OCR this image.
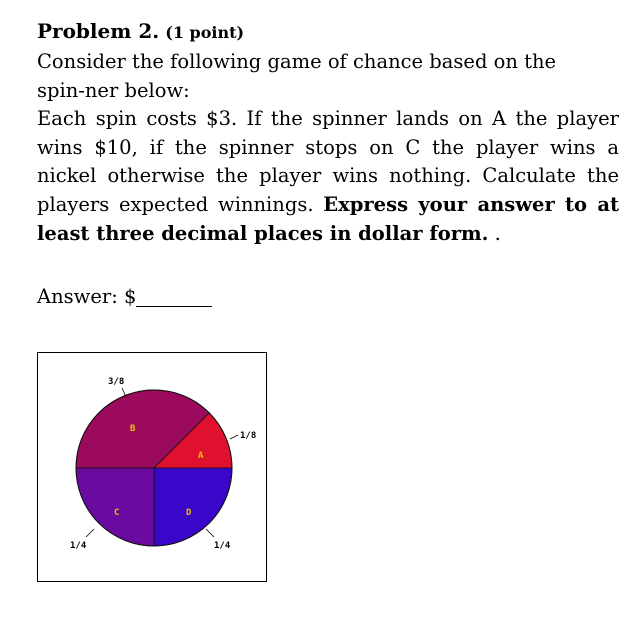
Problem 2. (1 point)

Consider the following game of chance based on the spin-ner below:

Each spin costs $3. If the spinner lands on A the player wins $10, if the spinner stops on C the player wins a nickel otherwise the player wins nothing. Calculate the players expected winnings. Express your answer to at least three decimal places in dollar form. .

Answer: $
B
A
D
C
3/8
1/8
1/4
1/4
